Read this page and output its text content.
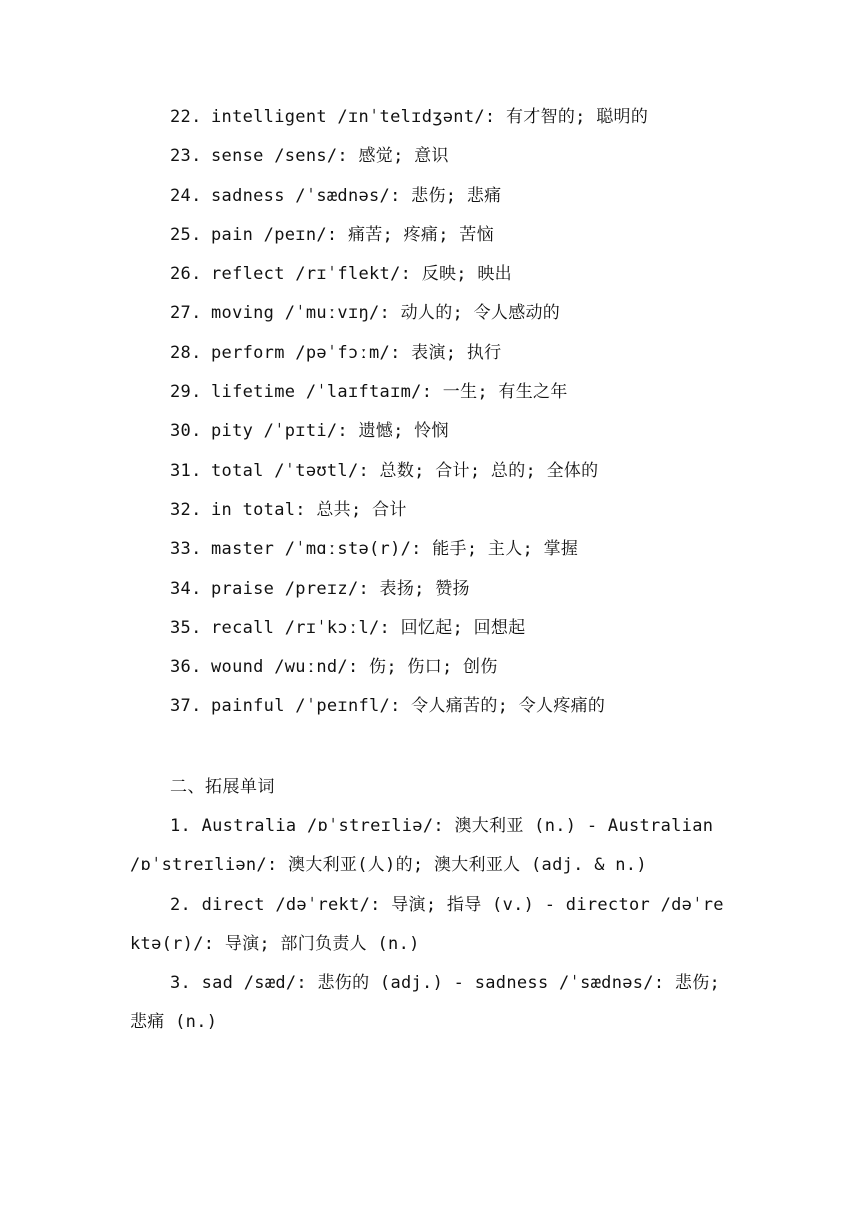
22. intelligent /ɪnˈtelɪdʒənt/: 有才智的; 聪明的
23. sense /sens/: 感觉; 意识
24. sadness /ˈsædnəs/: 悲伤; 悲痛
25. pain /peɪn/: 痛苦; 疼痛; 苦恼
26. reflect /rɪˈflekt/: 反映; 映出
27. moving /ˈmuːvɪŋ/: 动人的; 令人感动的
28. perform /pəˈfɔːm/: 表演; 执行
29. lifetime /ˈlaɪftaɪm/: 一生; 有生之年
30. pity /ˈpɪti/: 遗憾; 怜悯
31. total /ˈtəʊtl/: 总数; 合计; 总的; 全体的
32. in total: 总共; 合计
33. master /ˈmɑːstə(r)/: 能手; 主人; 掌握
34. praise /preɪz/: 表扬; 赞扬
35. recall /rɪˈkɔːl/: 回忆起; 回想起
36. wound /wuːnd/: 伤; 伤口; 创伤
37. painful /ˈpeɪnfl/: 令人痛苦的; 令人疼痛的
二、拓展单词
1. Australia /ɒˈstreɪliə/: 澳大利亚 (n.) - Australian /ɒˈstreɪliən/: 澳大利亚(人)的; 澳大利亚人 (adj. & n.)
2. direct /dəˈrekt/: 导演; 指导 (v.) - director /dəˈrektə(r)/: 导演; 部门负责人 (n.)
3. sad /sæd/: 悲伤的 (adj.) - sadness /ˈsædnəs/: 悲伤; 悲痛 (n.)
